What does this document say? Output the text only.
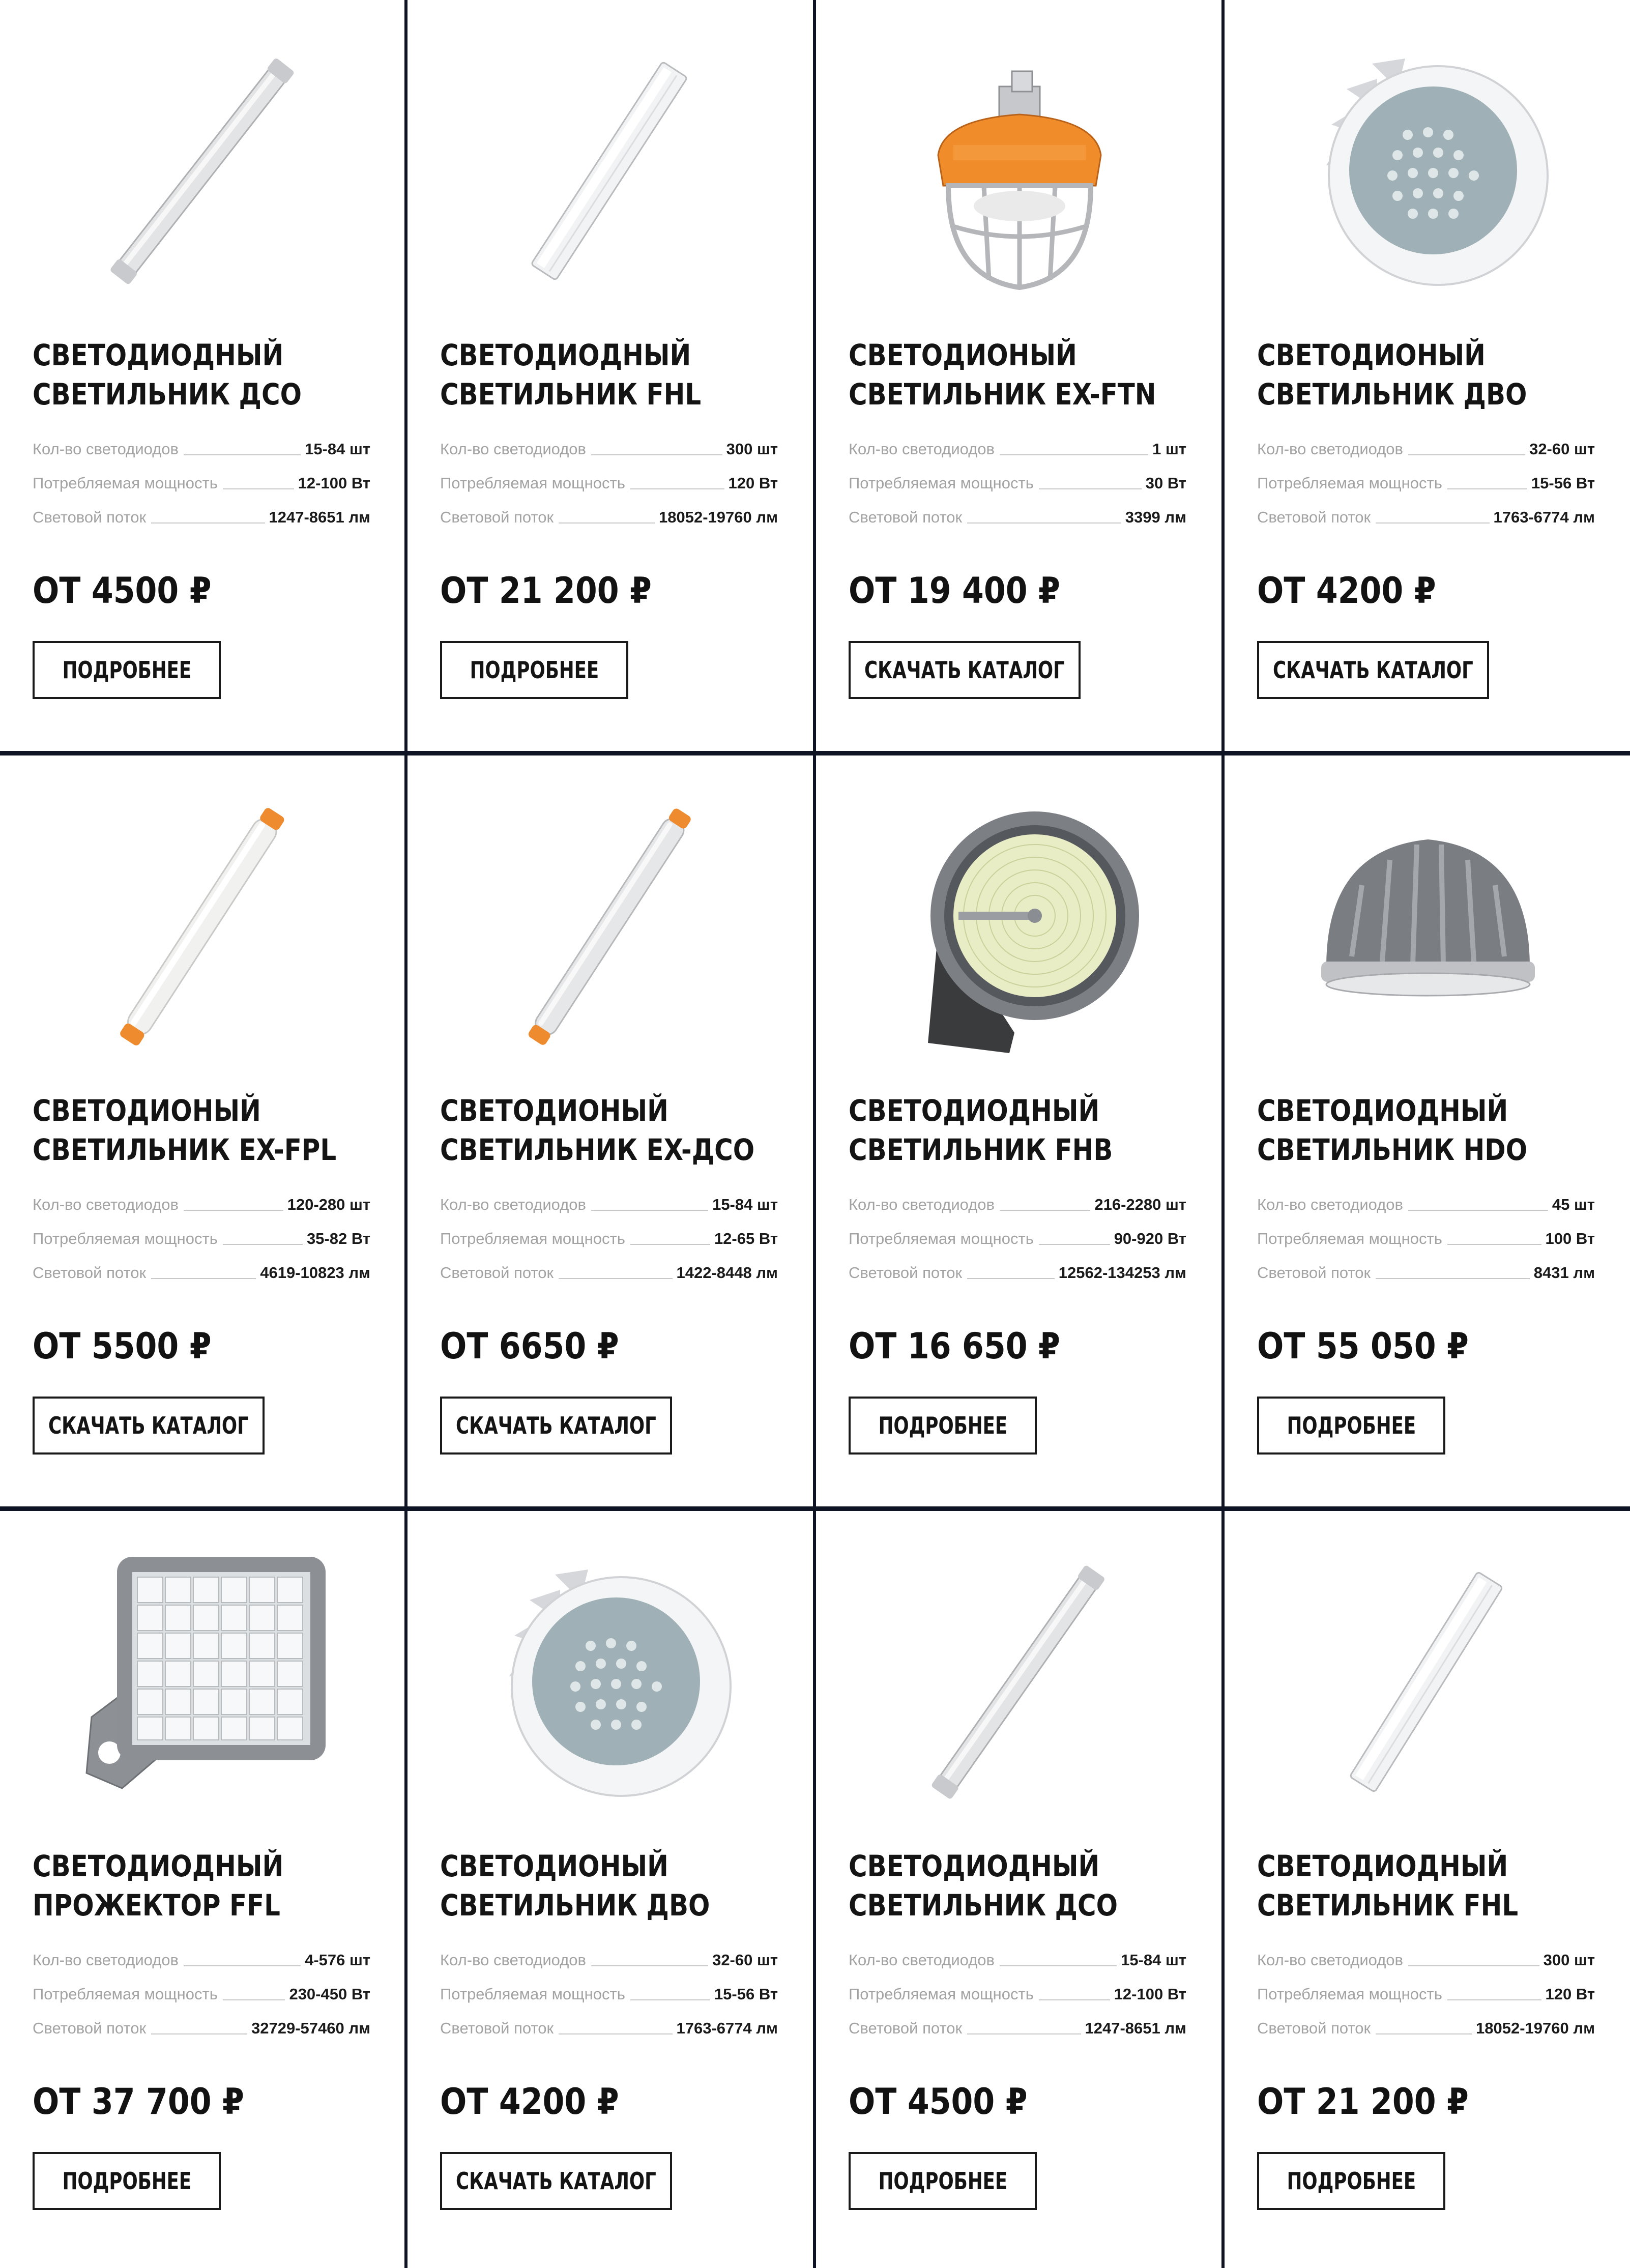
СВЕТОДИОДНЫЙ
СВЕТИЛЬНИК ДСО
Кол-во светодиодов	15-84 шт
Потребляемая мощность	12-100 Вт
Световой поток	1247-8651 лм
ОТ 4500 ₽
ПОДРОБНЕЕ
СВЕТОДИОДНЫЙ
СВЕТИЛЬНИК FHL
Кол-во светодиодов	300 шт
Потребляемая мощность	120 Вт
Световой поток	18052-19760 лм
ОТ 21 200 ₽
ПОДРОБНЕЕ
СВЕТОДИОНЫЙ
СВЕТИЛЬНИК EX-FTN
Кол-во светодиодов	1 шт
Потребляемая мощность	30 Вт
Световой поток	3399 лм
ОТ 19 400 ₽
СКАЧАТЬ КАТАЛОГ
СВЕТОДИОНЫЙ
СВЕТИЛЬНИК ДВО
Кол-во светодиодов	32-60 шт
Потребляемая мощность	15-56 Вт
Световой поток	1763-6774 лм
ОТ 4200 ₽
СКАЧАТЬ КАТАЛОГ
СВЕТОДИОНЫЙ
СВЕТИЛЬНИК EX-FPL
Кол-во светодиодов	120-280 шт
Потребляемая мощность	35-82 Вт
Световой поток	4619-10823 лм
ОТ 5500 ₽
СКАЧАТЬ КАТАЛОГ
СВЕТОДИОНЫЙ
СВЕТИЛЬНИК EX-ДСО
Кол-во светодиодов	15-84 шт
Потребляемая мощность	12-65 Вт
Световой поток	1422-8448 лм
ОТ 6650 ₽
СКАЧАТЬ КАТАЛОГ
СВЕТОДИОДНЫЙ
СВЕТИЛЬНИК FHB
Кол-во светодиодов	216-2280 шт
Потребляемая мощность	90-920 Вт
Световой поток	12562-134253 лм
ОТ 16 650 ₽
ПОДРОБНЕЕ
СВЕТОДИОДНЫЙ
СВЕТИЛЬНИК HDO
Кол-во светодиодов	45 шт
Потребляемая мощность	100 Вт
Световой поток	8431 лм
ОТ 55 050 ₽
ПОДРОБНЕЕ
СВЕТОДИОДНЫЙ
ПРОЖЕКТОР FFL
Кол-во светодиодов	4-576 шт
Потребляемая мощность	230-450 Вт
Световой поток	32729-57460 лм
ОТ 37 700 ₽
ПОДРОБНЕЕ
СВЕТОДИОНЫЙ
СВЕТИЛЬНИК ДВО
Кол-во светодиодов	32-60 шт
Потребляемая мощность	15-56 Вт
Световой поток	1763-6774 лм
ОТ 4200 ₽
СКАЧАТЬ КАТАЛОГ
СВЕТОДИОДНЫЙ
СВЕТИЛЬНИК ДСО
Кол-во светодиодов	15-84 шт
Потребляемая мощность	12-100 Вт
Световой поток	1247-8651 лм
ОТ 4500 ₽
ПОДРОБНЕЕ
СВЕТОДИОДНЫЙ
СВЕТИЛЬНИК FHL
Кол-во светодиодов	300 шт
Потребляемая мощность	120 Вт
Световой поток	18052-19760 лм
ОТ 21 200 ₽
ПОДРОБНЕЕ
